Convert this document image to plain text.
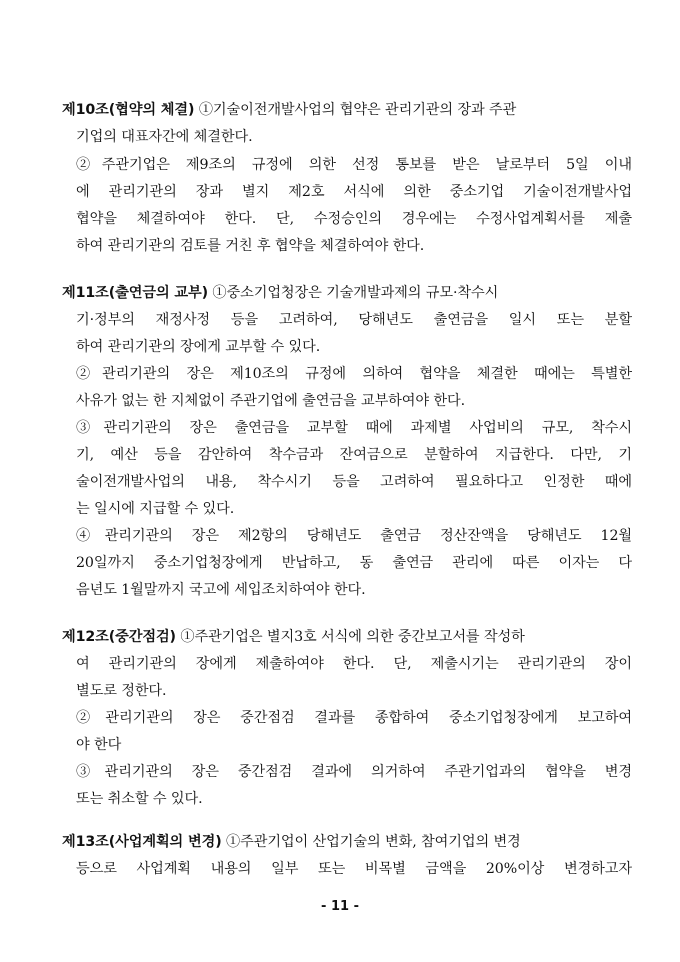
제10조(협약의 체결) ①기술이전개발사업의 협약은 관리기관의 장과 주관
기업의 대표자간에 체결한다.
②주관기업은 제9조의 규정에 의한 선정 통보를 받은 날로부터 5일 이내
에 관리기관의 장과 별지 제2호 서식에 의한 중소기업 기술이전개발사업
협약을 체결하여야 한다. 단, 수정승인의 경우에는 수정사업계획서를 제출
하여 관리기관의 검토를 거친 후 협약을 체결하여야 한다.
제11조(출연금의 교부) ①중소기업청장은 기술개발과제의 규모·착수시
기·정부의 재정사정 등을 고려하여, 당해년도 출연금을 일시 또는 분할
하여 관리기관의 장에게 교부할 수 있다.
②관리기관의 장은 제10조의 규정에 의하여 협약을 체결한 때에는 특별한
사유가 없는 한 지체없이 주관기업에 출연금을 교부하여야 한다.
③관리기관의 장은 출연금을 교부할 때에 과제별 사업비의 규모, 착수시
기, 예산 등을 감안하여 착수금과 잔여금으로 분할하여 지급한다. 다만, 기
술이전개발사업의 내용, 착수시기 등을 고려하여 필요하다고 인정한 때에
는 일시에 지급할 수 있다.
④관리기관의 장은 제2항의 당해년도 출연금 정산잔액을 당해년도 12월
20일까지 중소기업청장에게 반납하고, 동 출연금 관리에 따른 이자는 다
음년도 1월말까지 국고에 세입조치하여야 한다.
제12조(중간점검) ①주관기업은 별지3호 서식에 의한 중간보고서를 작성하
여 관리기관의 장에게 제출하여야 한다. 단, 제출시기는 관리기관의 장이
별도로 정한다.
②관리기관의 장은 중간점검 결과를 종합하여 중소기업청장에게 보고하여
야 한다
③관리기관의 장은 중간점검 결과에 의거하여 주관기업과의 협약을 변경
또는 취소할 수 있다.
제13조(사업계획의 변경) ①주관기업이 산업기술의 변화, 참여기업의 변경
등으로 사업계획 내용의 일부 또는 비목별 금액을 20%이상 변경하고자
- 11 -
